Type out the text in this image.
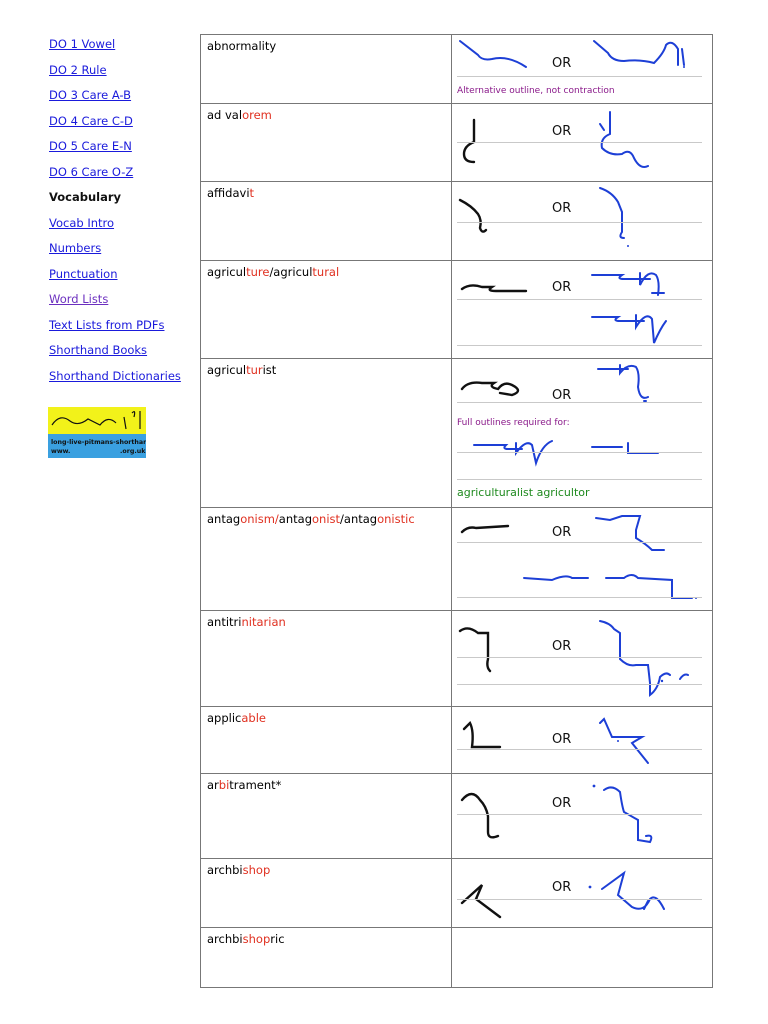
DO 1 Vowel
DO 2 Rule
DO 3 Care A-B
DO 4 Care C-D
DO 5 Care E-N
DO 6 Care O-Z
Vocabulary
Vocab Intro
Numbers
Punctuation
Word Lists
Text Lists from PDFs
Shorthand Books
Shorthand Dictionaries
long-live-pitmans-shorthand
www.	.org.uk
abnormality	OR
Alternative outline, not contraction

ad valorem	OR

affidavit	OR

agriculture/agricultural	OR

agriculturist	OR
Full outlines required for:
agriculturalist agricultor

antagonism/antagonist/antagonistic	OR

antitrinitarian	OR

applicable	OR

arbitrament*	OR

archbishop	OR

archbishopric	
